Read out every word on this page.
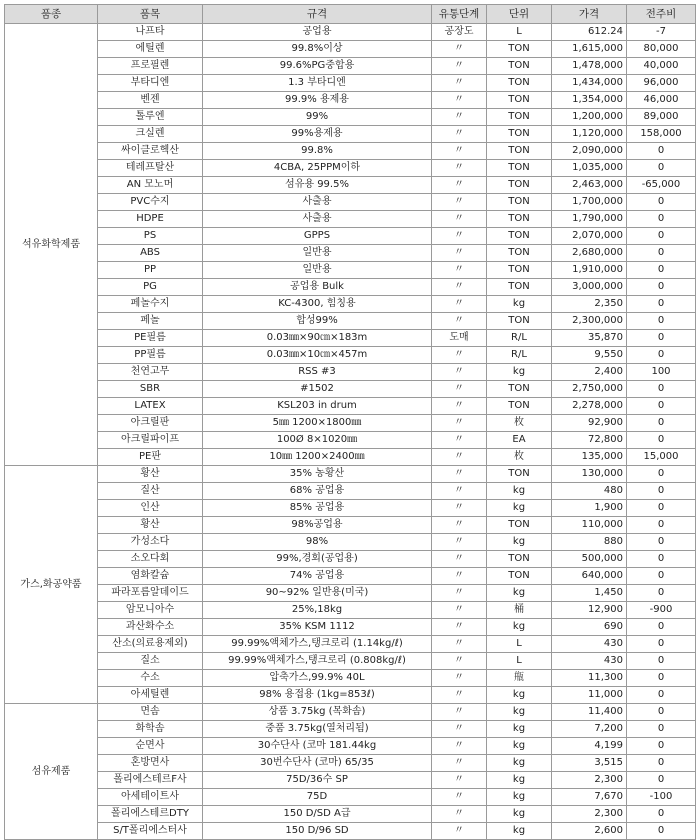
품종	품목	규격	유통단계	단위	가격	전주비
석유화학제품	나프타	공업용	공장도	L	612.24	-7
	에틸렌	99.8%이상	〃	TON	1,615,000	80,000
	프로필렌	99.6%PG중합용	〃	TON	1,478,000	40,000
	부타디엔	1.3 부타디엔	〃	TON	1,434,000	96,000
	벤젠	99.9% 용제용	〃	TON	1,354,000	46,000
	톨루엔	99%	〃	TON	1,200,000	89,000
	크실렌	99%용제용	〃	TON	1,120,000	158,000
	싸이클로헥산	99.8%	〃	TON	2,090,000	0
	테레프탈산	4CBA, 25PPM이하	〃	TON	1,035,000	0
	AN 모노머	섬유용 99.5%	〃	TON	2,463,000	-65,000
	PVC수지	사출용	〃	TON	1,700,000	0
	HDPE	사출용	〃	TON	1,790,000	0
	PS	GPPS	〃	TON	2,070,000	0
	ABS	일반용	〃	TON	2,680,000	0
	PP	일반용	〃	TON	1,910,000	0
	PG	공업용 Bulk	〃	TON	3,000,000	0
	페놀수지	KC-4300, 힘칭용	〃	kg	2,350	0
	페놀	합성99%	〃	TON	2,300,000	0
	PE필름	0.03㎜×90㎝×183m	도매	R/L	35,870	0
	PP필름	0.03㎜×10㎝×457m	〃	R/L	9,550	0
	천연고무	RSS #3	〃	kg	2,400	100
	SBR	#1502	〃	TON	2,750,000	0
	LATEX	KSL203 in drum	〃	TON	2,278,000	0
	아크릴판	5㎜ 1200×1800㎜	〃	枚	92,900	0
	아크릴파이프	100Ø 8×1020㎜	〃	EA	72,800	0
	PE판	10㎜ 1200×2400㎜	〃	枚	135,000	15,000
가스,화공약품	황산	35% 농황산	〃	TON	130,000	0
	질산	68% 공업용	〃	kg	480	0
	인산	85% 공업용	〃	kg	1,900	0
	황산	98%공업용	〃	TON	110,000	0
	가성소다	98%	〃	kg	880	0
	소오다회	99%,경회(공업용)	〃	TON	500,000	0
	염화칼슘	74% 공업용	〃	TON	640,000	0
	파라포름알데이드	90~92% 일반용(미국)	〃	kg	1,450	0
	암모니아수	25%,18kg	〃	桶	12,900	-900
	과산화수소	35% KSM 1112	〃	kg	690	0
	산소(의료용제외)	99.99%액체가스,탱크로리 (1.14kg/ℓ)	〃	L	430	0
	질소	99.99%액체가스,탱크로리 (0.808kg/ℓ)	〃	L	430	0
	수소	압축가스,99.9% 40L	〃	甁	11,300	0
	아세틸렌	98% 용접용 (1kg=853ℓ)	〃	kg	11,000	0
섬유제품	면솜	상품 3.75kg (목화솜)	〃	kg	11,400	0
	화학솜	중품 3.75kg(열처리됨)	〃	kg	7,200	0
	순면사	30수단사 (코마 181.44kg	〃	kg	4,199	0
	혼방면사	30번수단사 (코마) 65/35	〃	kg	3,515	0
	폴리에스테르F사	75D/36수 SP	〃	kg	2,300	0
	아세테이트사	75D	〃	kg	7,670	-100
	폴리에스테르DTY	150 D/SD A급	〃	kg	2,300	0
	S/T폴리에스터사	150 D/96 SD	〃	kg	2,600	0
